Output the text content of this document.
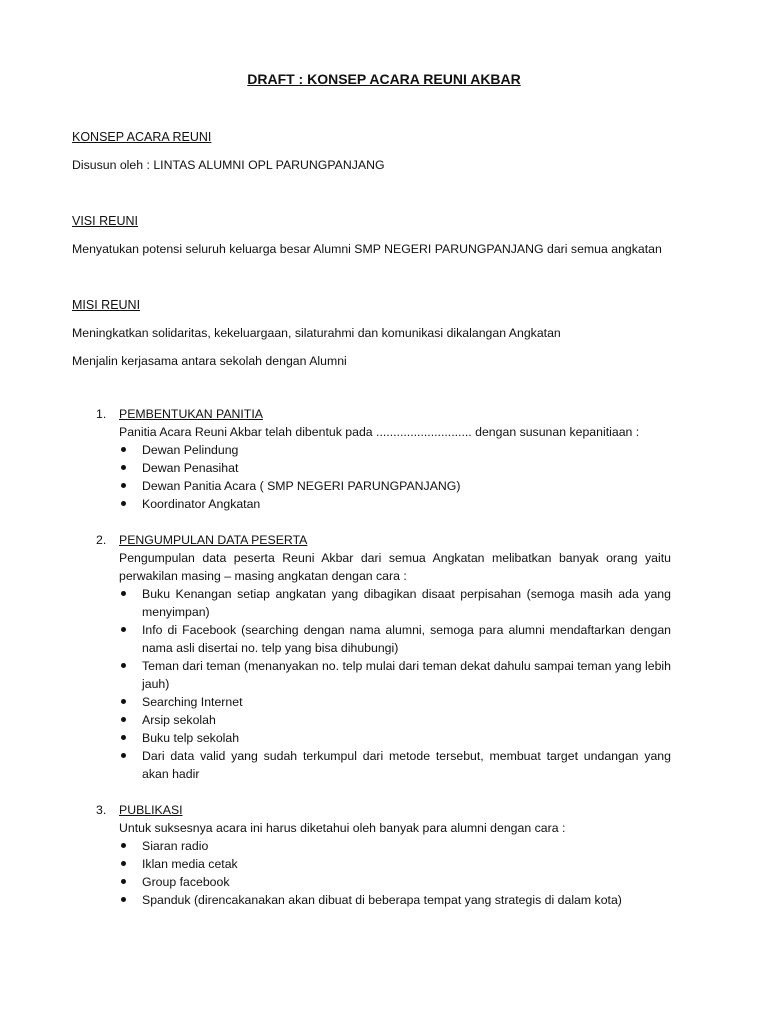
DRAFT : KONSEP ACARA REUNI AKBAR
KONSEP ACARA REUNI
Disusun oleh : LINTAS ALUMNI OPL PARUNGPANJANG
VISI REUNI
Menyatukan potensi seluruh keluarga besar Alumni SMP NEGERI PARUNGPANJANG dari semua angkatan
MISI REUNI
Meningkatkan solidaritas, kekeluargaan, silaturahmi dan komunikasi dikalangan Angkatan
Menjalin kerjasama antara sekolah dengan Alumni
1.	PEMBENTUKAN PANITIA
Panitia Acara Reuni Akbar telah dibentuk pada ............................ dengan susunan kepanitiaan :
Dewan Pelindung
Dewan Penasihat
Dewan Panitia Acara ( SMP NEGERI PARUNGPANJANG)
Koordinator Angkatan
2.	PENGUMPULAN DATA PESERTA
Pengumpulan data peserta Reuni Akbar dari semua Angkatan melibatkan banyak orang yaitu perwakilan masing – masing angkatan dengan cara :
Buku Kenangan setiap angkatan yang dibagikan disaat perpisahan (semoga masih ada yang menyimpan)
Info di Facebook (searching dengan nama alumni, semoga para alumni mendaftarkan dengan nama asli disertai no. telp yang bisa dihubungi)
Teman dari teman (menanyakan no. telp mulai dari teman dekat dahulu sampai teman yang lebih jauh)
Searching Internet
Arsip sekolah
Buku telp sekolah
Dari data valid yang sudah terkumpul dari metode tersebut, membuat target undangan yang akan hadir
3.	PUBLIKASI
Untuk suksesnya acara ini harus diketahui oleh banyak para alumni dengan cara :
Siaran radio
Iklan media cetak
Group facebook
Spanduk (direncakanakan akan dibuat di beberapa tempat yang strategis di dalam kota)
